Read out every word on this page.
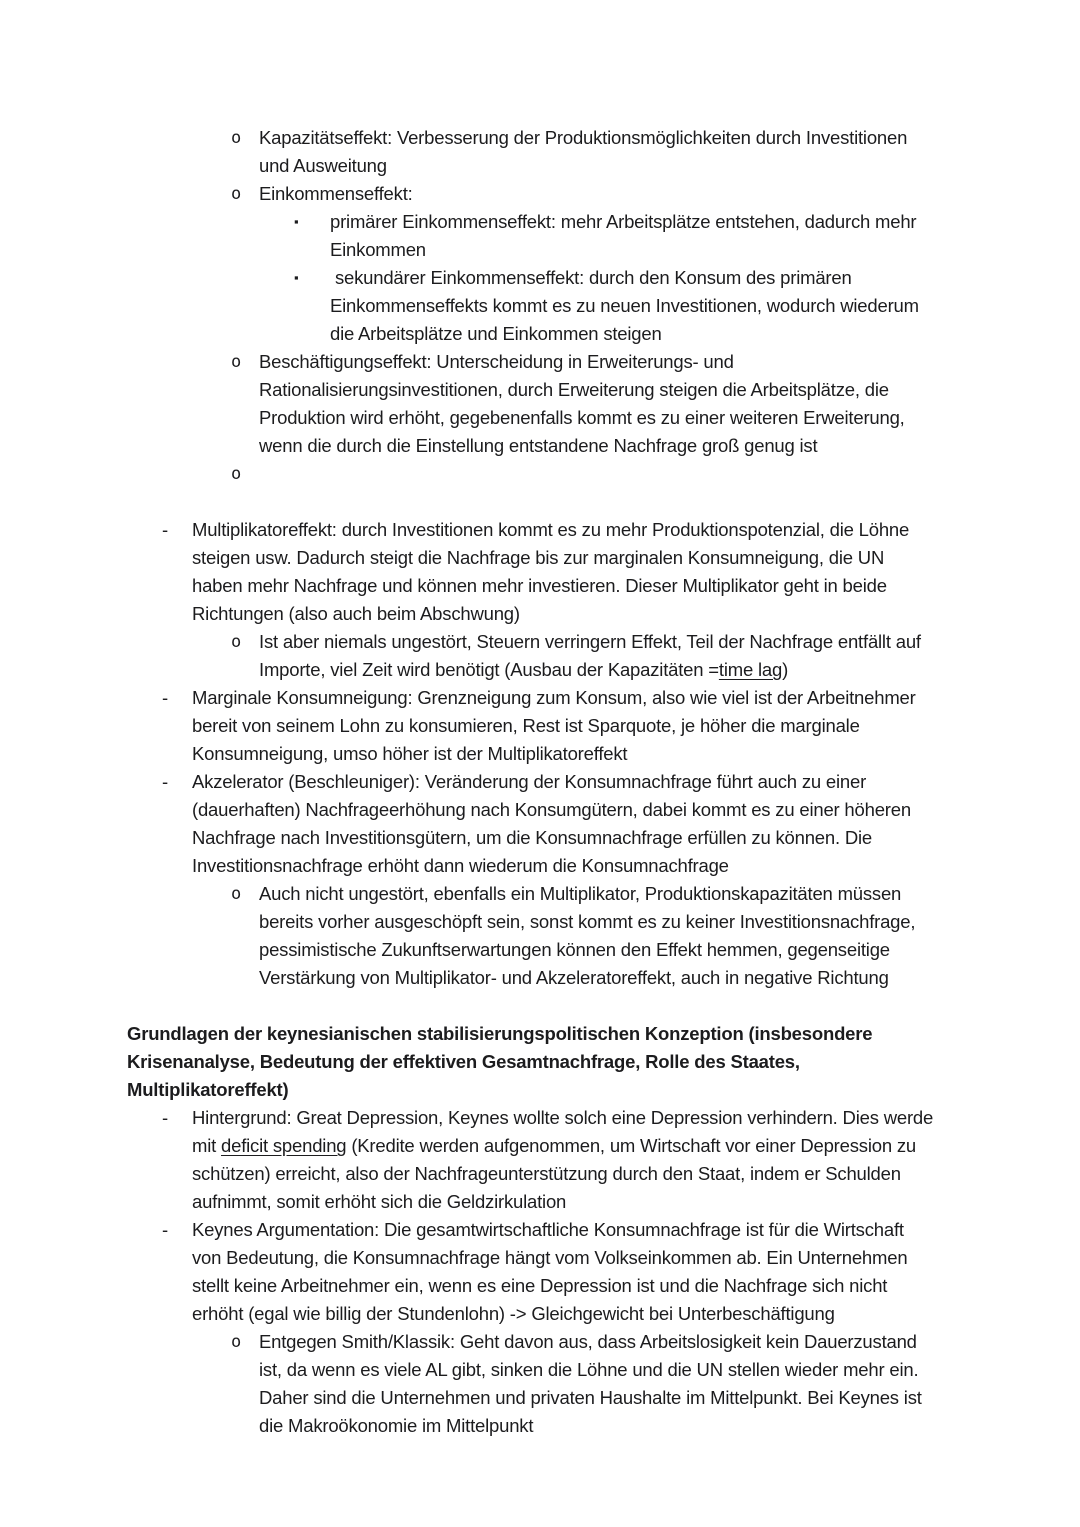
o Kapazitätseffekt: Verbesserung der Produktionsmöglichkeiten durch Investitionen und Ausweitung
o Einkommenseffekt:
▪ primärer Einkommenseffekt: mehr Arbeitsplätze entstehen, dadurch mehr Einkommen
▪ sekundärer Einkommenseffekt: durch den Konsum des primären Einkommenseffekts kommt es zu neuen Investitionen, wodurch wiederum die Arbeitsplätze und Einkommen steigen
o Beschäftigungseffekt: Unterscheidung in Erweiterungs- und Rationalisierungsinvestitionen, durch Erweiterung steigen die Arbeitsplätze, die Produktion wird erhöht, gegebenenfalls kommt es zu einer weiteren Erweiterung, wenn die durch die Einstellung entstandene Nachfrage groß genug ist
o
- Multiplikatoreffekt: durch Investitionen kommt es zu mehr Produktionspotenzial, die Löhne steigen usw. Dadurch steigt die Nachfrage bis zur marginalen Konsumneigung, die UN haben mehr Nachfrage und können mehr investieren. Dieser Multiplikator geht in beide Richtungen (also auch beim Abschwung)
o Ist aber niemals ungestört, Steuern verringern Effekt, Teil der Nachfrage entfällt auf Importe, viel Zeit wird benötigt (Ausbau der Kapazitäten =time lag)
- Marginale Konsumneigung: Grenzneigung zum Konsum, also wie viel ist der Arbeitnehmer bereit von seinem Lohn zu konsumieren, Rest ist Sparquote, je höher die marginale Konsumneigung, umso höher ist der Multiplikatoreffekt
- Akzelerator (Beschleuniger): Veränderung der Konsumnachfrage führt auch zu einer (dauerhaften) Nachfrageerhöhung nach Konsumgütern, dabei kommt es zu einer höheren Nachfrage nach Investitionsgütern, um die Konsumnachfrage erfüllen zu können. Die Investitionsnachfrage erhöht dann wiederum die Konsumnachfrage
o Auch nicht ungestört, ebenfalls ein Multiplikator, Produktionskapazitäten müssen bereits vorher ausgeschöpft sein, sonst kommt es zu keiner Investitionsnachfrage, pessimistische Zukunftserwartungen können den Effekt hemmen, gegenseitige Verstärkung von Multiplikator- und Akzeleratoreffekt, auch in negative Richtung
Grundlagen der keynesianischen stabilisierungspolitischen Konzeption (insbesondere Krisenanalyse, Bedeutung der effektiven Gesamtnachfrage, Rolle des Staates, Multiplikatoreffekt)
- Hintergrund: Great Depression, Keynes wollte solch eine Depression verhindern. Dies werde mit deficit spending (Kredite werden aufgenommen, um Wirtschaft vor einer Depression zu schützen) erreicht, also der Nachfrageunterstützung durch den Staat, indem er Schulden aufnimmt, somit erhöht sich die Geldzirkulation
- Keynes Argumentation: Die gesamtwirtschaftliche Konsumnachfrage ist für die Wirtschaft von Bedeutung, die Konsumnachfrage hängt vom Volkseinkommen ab. Ein Unternehmen stellt keine Arbeitnehmer ein, wenn es eine Depression ist und die Nachfrage sich nicht erhöht (egal wie billig der Stundenlohn) -> Gleichgewicht bei Unterbeschäftigung
o Entgegen Smith/Klassik: Geht davon aus, dass Arbeitslosigkeit kein Dauerzustand ist, da wenn es viele AL gibt, sinken die Löhne und die UN stellen wieder mehr ein. Daher sind die Unternehmen und privaten Haushalte im Mittelpunkt. Bei Keynes ist die Makroökonomie im Mittelpunkt
